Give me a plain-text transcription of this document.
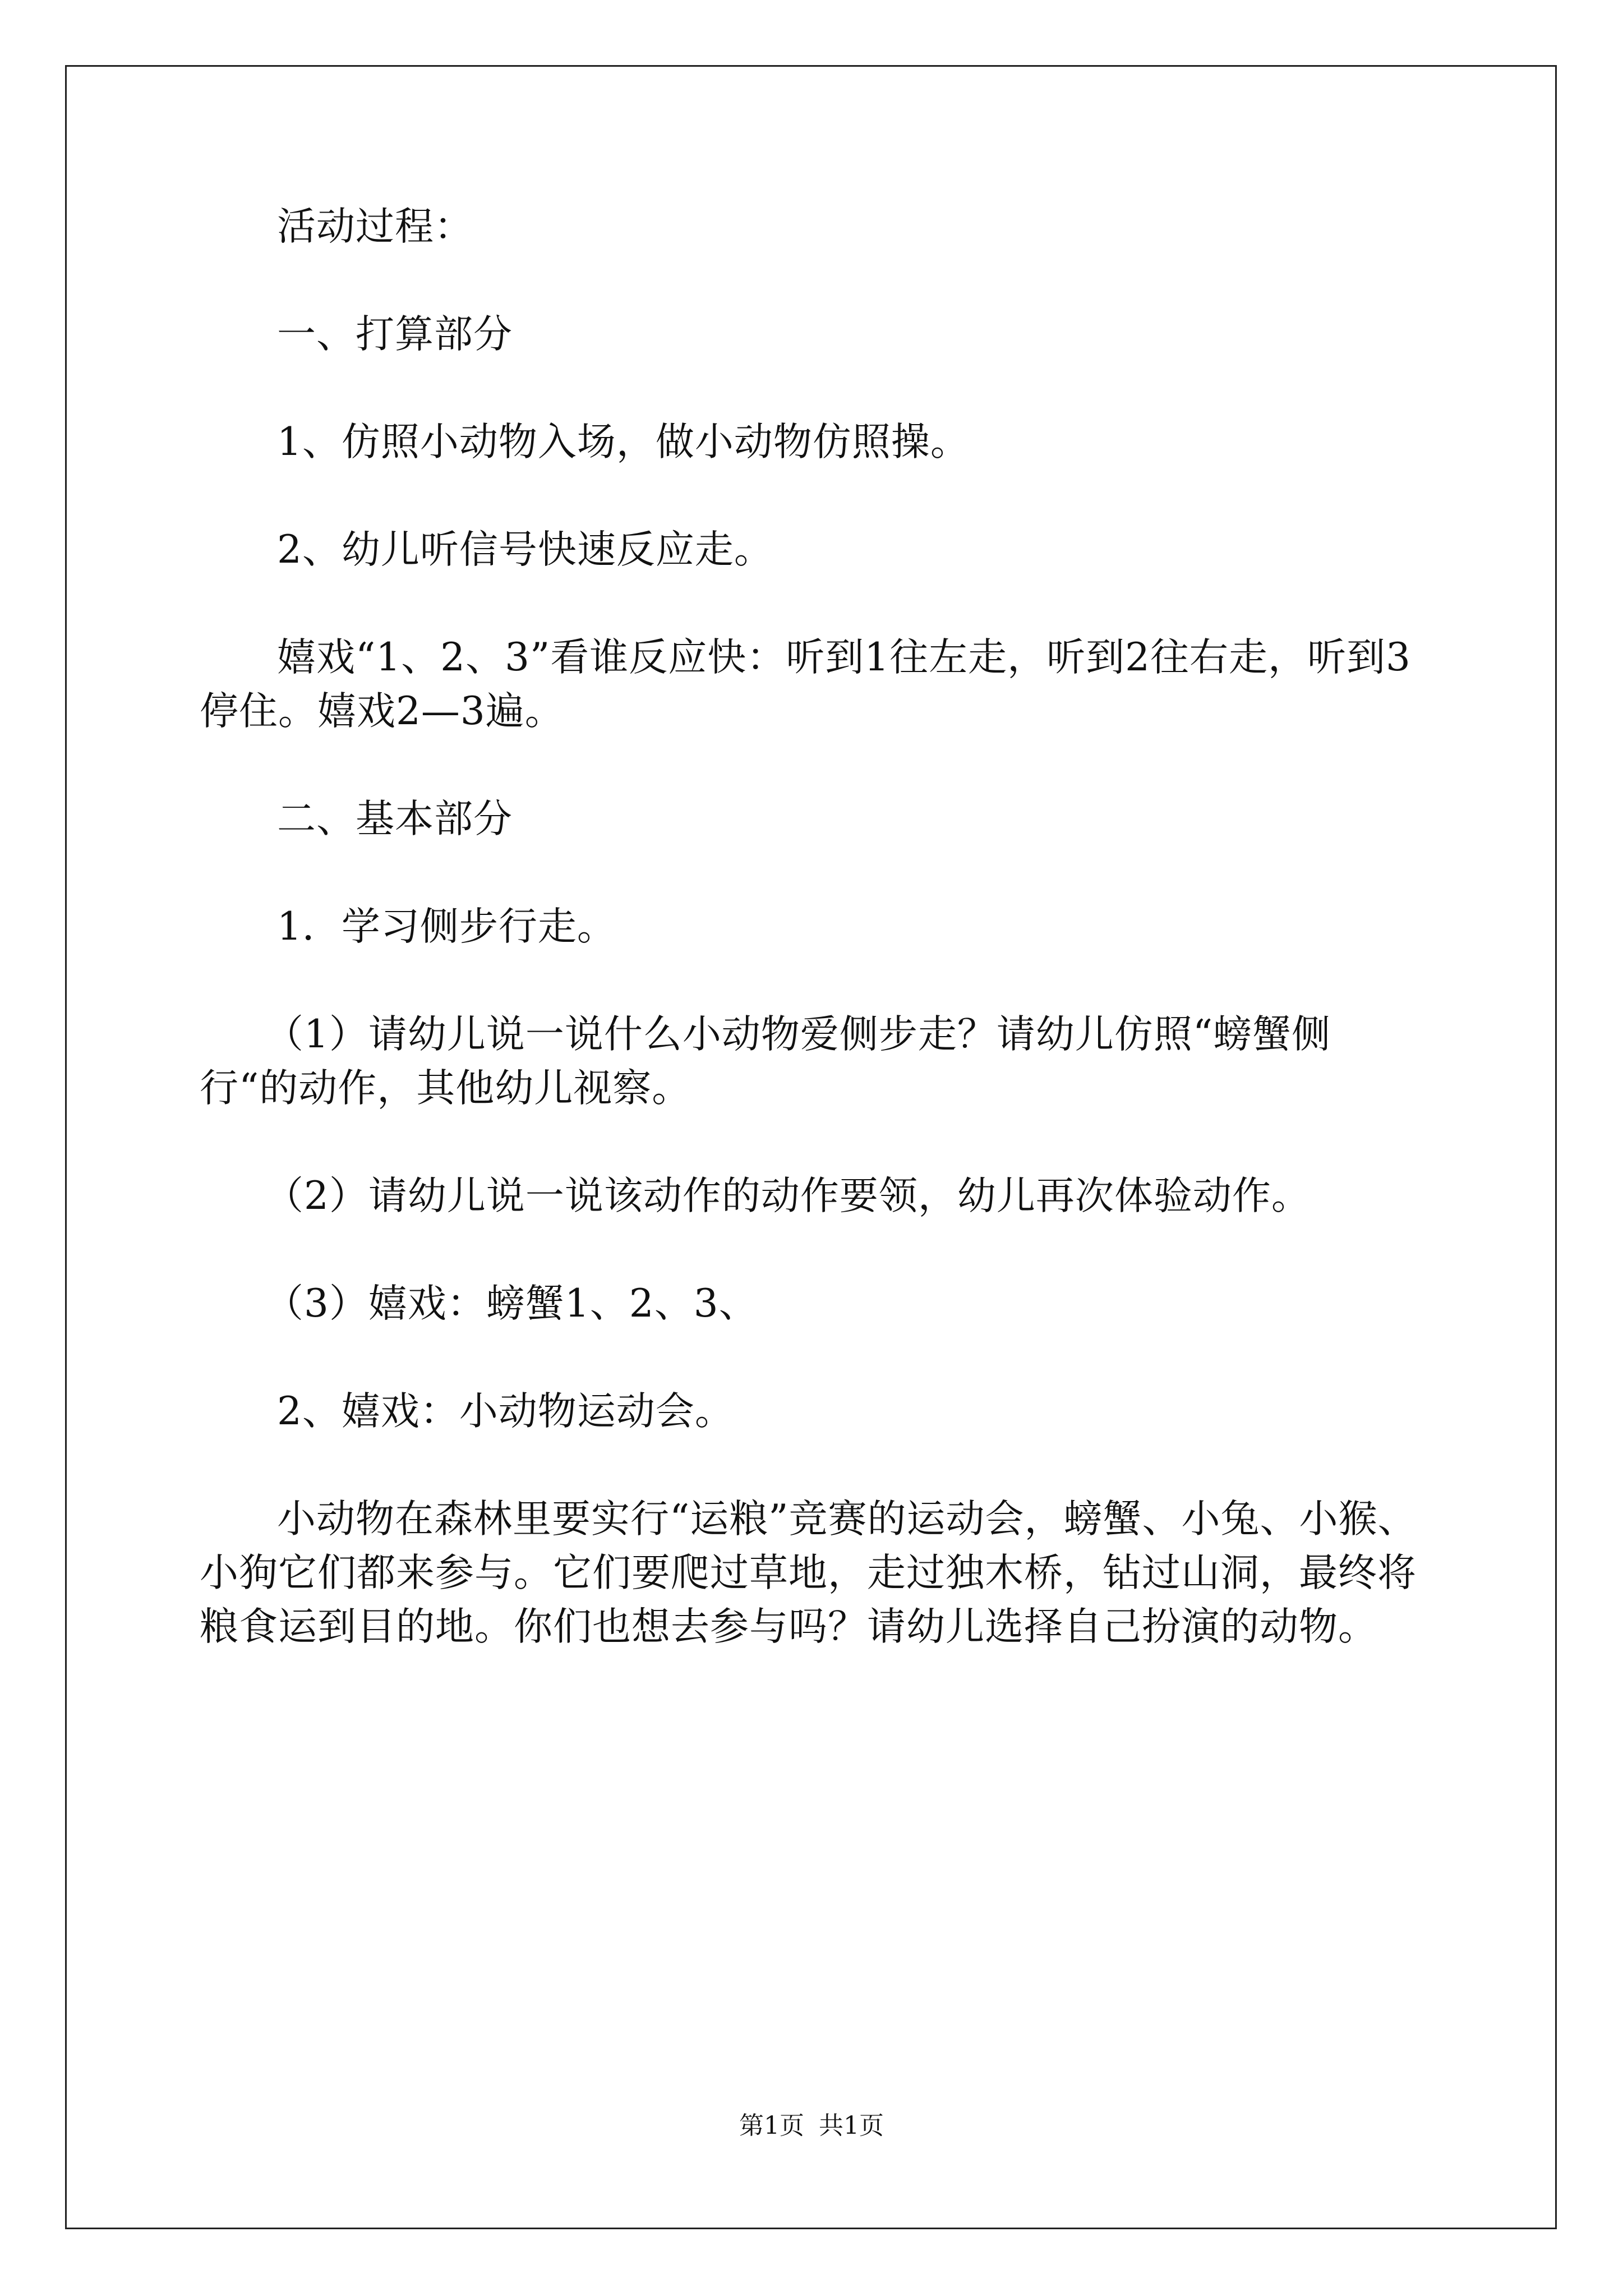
活动过程：

一、打算部分

1、仿照小动物入场，做小动物仿照操。

2、幼儿听信号快速反应走。

嬉戏“1、2、3”看谁反应快：听到1往左走，听到2往右走，听到3停住。嬉戏2—3遍。

二、基本部分

1．学习侧步行走。

（1）请幼儿说一说什么小动物爱侧步走？请幼儿仿照“螃蟹侧行“的动作，其他幼儿视察。

（2）请幼儿说一说该动作的动作要领，幼儿再次体验动作。

（3）嬉戏：螃蟹1、2、3、

2、嬉戏：小动物运动会。

小动物在森林里要实行“运粮”竞赛的运动会，螃蟹、小兔、小猴、小狗它们都来参与。它们要爬过草地，走过独木桥，钻过山洞，最终将粮食运到目的地。你们也想去参与吗？请幼儿选择自己扮演的动物。

第1页 共1页
